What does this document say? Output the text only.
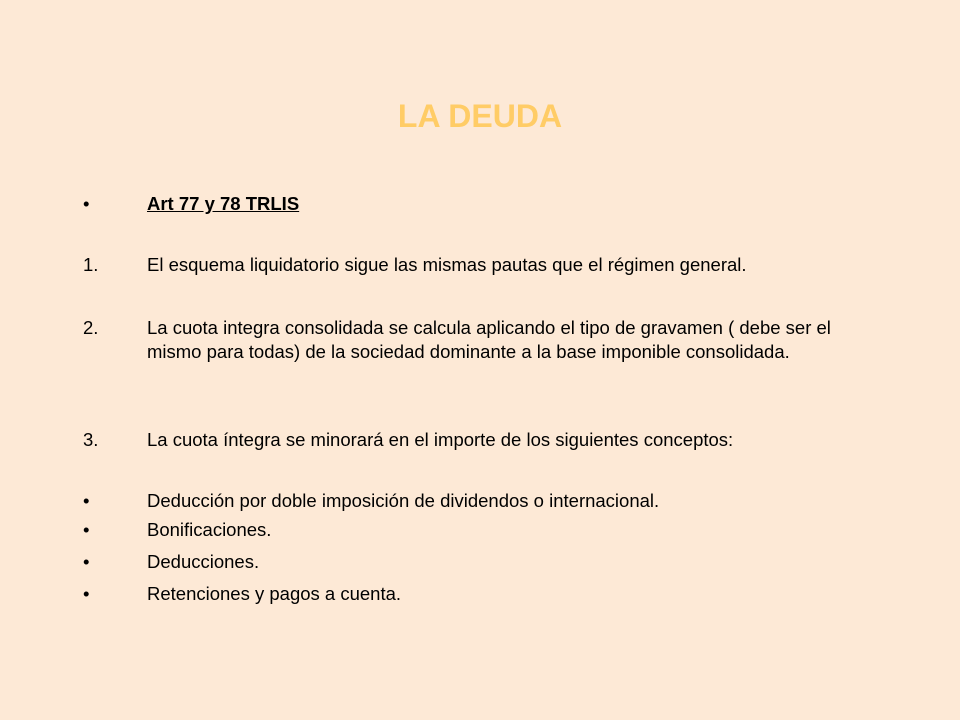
LA DEUDA
•	Art 77 y 78 TRLIS
1.	El esquema liquidatorio sigue las mismas pautas que el régimen general.
2.	La cuota integra consolidada se calcula aplicando el tipo de gravamen ( debe ser el mismo para todas) de la sociedad dominante a la base imponible consolidada.
3.	La cuota íntegra se minorará en el importe de los siguientes conceptos:
•	Deducción por doble imposición de dividendos o internacional.
•	Bonificaciones.
•	Deducciones.
•	Retenciones y pagos a cuenta.
